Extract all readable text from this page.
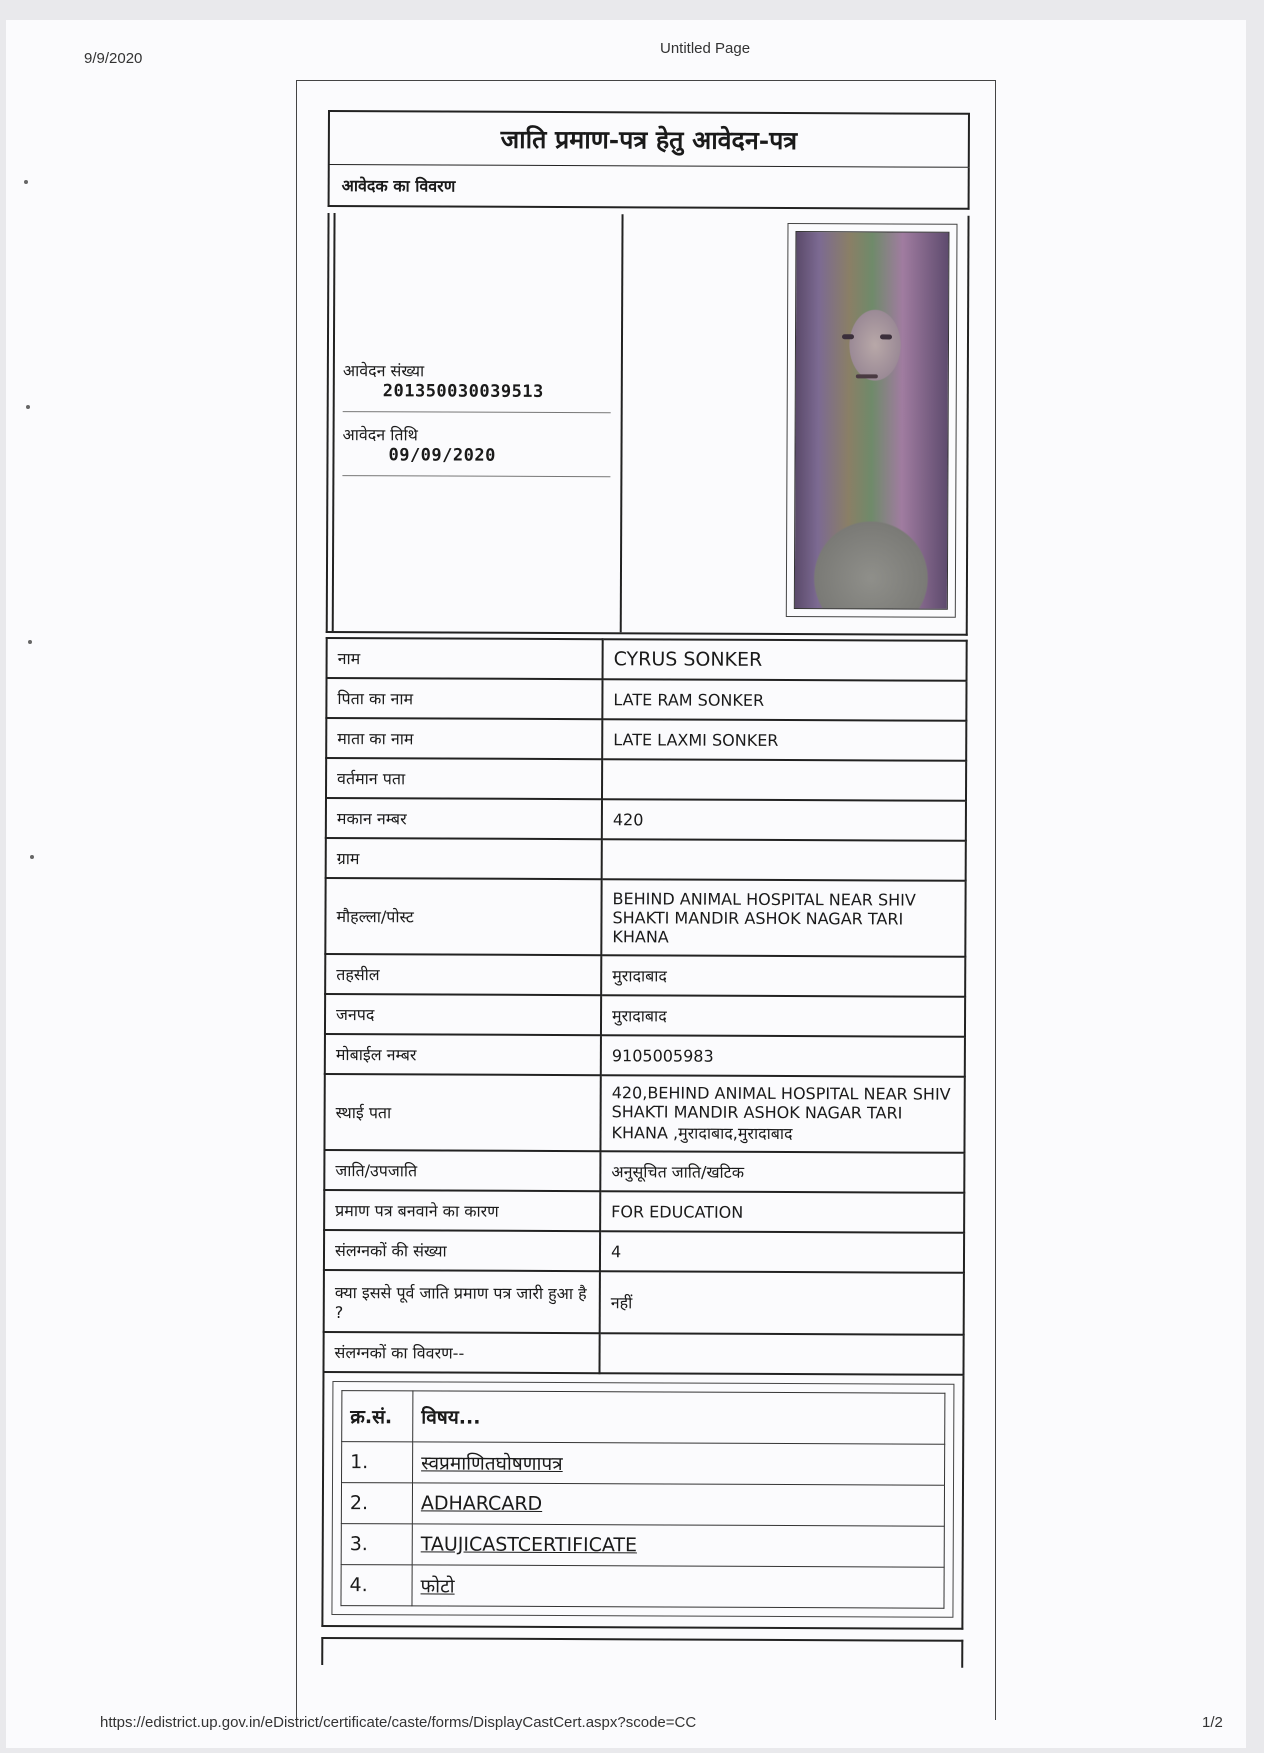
9/9/2020
Untitled Page
जाति प्रमाण-पत्र हेतु आवेदन-पत्र
आवेदक का विवरण
आवेदन संख्या
201350030039513
आवेदन तिथि
09/09/2020
नाम	CYRUS SONKER
पिता का नाम	LATE RAM SONKER
माता का नाम	LATE LAXMI SONKER
वर्तमान पता	
मकान नम्बर	420
ग्राम	
मौहल्ला/पोस्ट	BEHIND ANIMAL HOSPITAL NEAR SHIV SHAKTI MANDIR ASHOK NAGAR TARI KHANA
तहसील	मुरादाबाद
जनपद	मुरादाबाद
मोबाईल नम्बर	9105005983
स्थाई पता	420,BEHIND ANIMAL HOSPITAL NEAR SHIV SHAKTI MANDIR ASHOK NAGAR TARI KHANA ,मुरादाबाद,मुरादाबाद
जाति/उपजाति	अनुसूचित जाति/खटिक
प्रमाण पत्र बनवाने का कारण	FOR EDUCATION
संलग्नकों की संख्या	4
क्या इससे पूर्व जाति प्रमाण पत्र जारी हुआ है ?	नहीं
संलग्नकों का विवरण--	
क्र.सं.	विषय...
1.	स्वप्रमाणितघोषणापत्र
2.	ADHARCARD
3.	TAUJICASTCERTIFICATE
4.	फोटो
https://edistrict.up.gov.in/eDistrict/certificate/caste/forms/DisplayCastCert.aspx?scode=CC	1/2
